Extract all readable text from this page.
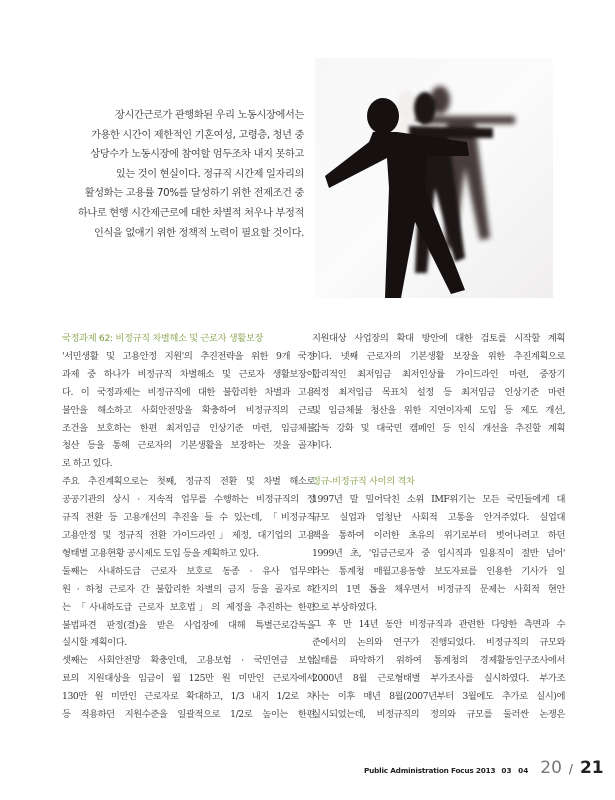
장시간근로가 관행화된 우리 노동시장에서는
가용한 시간이 제한적인 기혼여성, 고령층, 청년 중
상당수가 노동시장에 참여할 엄두조차 내지 못하고
있는 것이 현실이다. 정규직 시간제 일자리의
활성화는 고용률 70%를 달성하기 위한 전제조건 중
하나로 현행 시간제근로에 대한 차별적 처우나 부정적
인식을 없애기 위한 정책적 노력이 필요할 것이다.
국정과제 62: 비정규직 차별해소 및 근로자 생활보장
'서민생활 및 고용안정 지원'의 추진전략을 위한 9개 국정
과제 중 하나가 비정규직 차별해소 및 근로자 생활보장이
다. 이 국정과제는 비정규직에 대한 불합리한 차별과 고용
불안을 해소하고 사회안전망을 확충하여 비정규직의 근로
조건을 보호하는 한편 최저임금 인상기준 마련, 임금체불
청산 등을 통해 근로자의 기본생활을 보장하는 것을 골자
로 하고 있다.
주요 추진계획으로는 첫째, 정규직 전환 및 차별 해소로
공공기관의 상시 · 지속적 업무를 수행하는 비정규직의 정
규직 전환 등 고용개선의 추진을 들 수 있는데, 「비정규직
고용안정 및 정규직 전환 가이드라인」제정, 대기업의 고용
형태별 고용현황 공시제도 도입 등을 계획하고 있다.
둘째는 사내하도급 근로자 보호로 동종 · 유사 업무의
원 · 하청 근로자 간 불합리한 차별의 금지 등을 골자로 하
는 「사내하도급 근로자 보호법」의 제정을 추진하는 한편
불법파견 판정(결)을 받은 사업장에 대해 특별근로감독을
실시할 계획이다.
셋째는 사회안전망 확충인데, 고용보험 · 국민연금 보험
료의 지원대상을 임금이 월 125만 원 미만인 근로자에서
130만 원 미만인 근로자로 확대하고, 1/3 내지 1/2로 차
등 적용하던 지원수준을 일괄적으로 1/2로 높이는 한편
지원대상 사업장의 확대 방안에 대한 검토를 시작할 계획
이다. 넷째 근로자의 기본생활 보장을 위한 추진계획으로
합리적인 최저임금 최저인상률 가이드라인 마련, 중장기
적정 최저임금 목표치 설정 등 최저임금 인상기준 마련
및 임금체불 청산을 위한 지연이자제 도입 등 제도 개선,
감독 강화 및 대국민 캠페인 등 인식 개선을 추진할 계획
이다.
정규-비정규직 사이의 격차
1997년 말 밀어닥친 소위 IMF위기는 모든 국민들에게 대
규모 실업과 엄청난 사회적 고통을 안겨주었다. 실업대
책을 통하여 이러한 초유의 위기로부터 벗어나려고 하던
1999년 초, '임금근로자 중 임시직과 일용직이 절반 넘어'
라는 통계청 매월고용동향 보도자료를 인용한 기사가 일
간지의 1면 톱을 채우면서 비정규직 문제는 사회적 현안
으로 부상하였다.
그 후 만 14년 동안 비정규직과 관련한 다양한 측면과 수
준에서의 논의와 연구가 진행되었다. 비정규직의 규모와
실태를 파악하기 위하여 통계청의 경제활동인구조사에서
2000년 8월 근로형태별 부가조사를 실시하였다. 부가조
사는 이후 매년 8월(2007년부터 3월에도 추가로 실시)에
실시되었는데, 비정규직의 정의와 규모를 둘러싼 논쟁은
Public Administration Focus 2013 03 04 20 / 21
